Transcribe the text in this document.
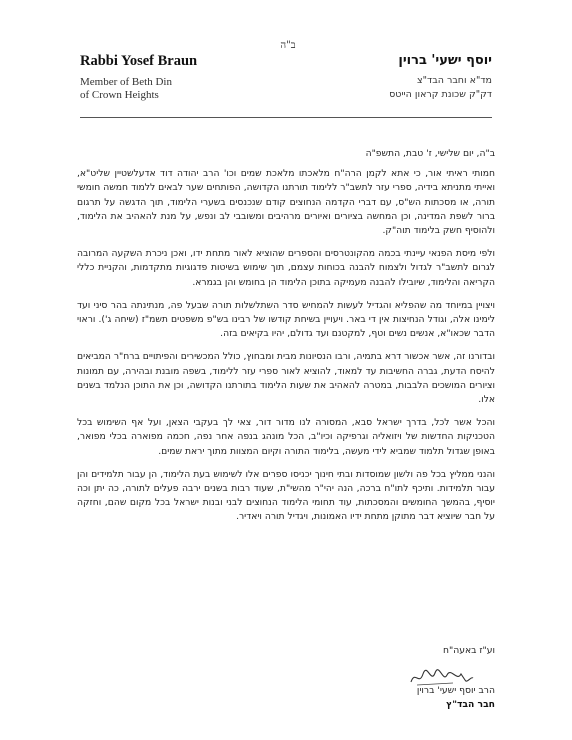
ב"ה
Rabbi Yosef Braun
Member of Beth Din
of Crown Heights
יוסף ישעי' ברוין
מד"א וחבר הבד"צ
דק"ק שכונת קראון הייטס
ב"ה, יום שלישי, ז' טבת, התשפ"ה

חמותי ראיתי אור, כי אתא לקמן הרה"ח מלאכתו מלאכת שמים וכו' הרב יהודה דוד אדעלשטיין שליט"א, ואייתי מתניתא בידיה, ספרי עזר לתשב"ר ללימוד תורתנו הקדושה, הפותחים שער לבאים ללמוד חמשה חומשי תורה, או מסכתות הש"ס, עם דברי הקדמה הנחוצים קודם שנכנסים בשערי הלימוד, תוך הדגשה על תרגום ברור לשפת המדינה, וכן המחשה בציורים ואיורים מרהיבים ומשובבי לב ונפש, על מנת להאהיב את הלימוד, ולהוסיף חשק בלימוד תוה"ק.

ולפי מיסת הפנאי עיינתי בכמה מהקונטרסים והספרים שהוציא לאור מתחת ידו, ואכן ניכרת השקעה המרובה לגרום לתשב"ר לגדול ולצמוח להבנה בכוחות עצמם, תוך שימוש בשיטות פדגוגיות מתקדמות, והקניית כללי הקריאה והלימוד, שיובילו להבנה מעמיקה בתוכן הלימוד הן בחומש והן בגמרא.

ויצויין במיוחד מה שהפליא והגדיל לעשות להמחיש סדר השתלשלות תורה שבעל פה, מנתינתה בהר סיני ועד לימינו אלה, וגודל הנחיצות אין די באר. ויעויין בשיחת קודשו של רבינו בש"פ משפטים תשמ"ז (שיחה ג'). וראוי הדבר שכאו"א, אנשים נשים וטף, למקטנם ועד גדולם, יהיו בקיאים בזה.

ובדורנו זה, אשר אכשור דרא בתמיה, ורבו הנסיונות מבית ומבחוץ, כולל המכשירים והפיתויים ברח"ר המביאים להיסח הדעת, גברה החשיבות עד למאוד, להוציא לאור ספרי עזר ללימוד, בשפה מובנת ובהירה, עם תמונות וציורים המושכים הלבבות, במטרה להאהיב את שעות הלימוד בתורתנו הקדושה, וכן את התוכן הנלמד בשנים אלו.

והכל אשר לכל, בדרך ישראל סבא, המסורה לנו מדור דור, צאי לך בעקבי הצאן, ועל אף השימוש בכל הטכניקות החדשות של ויזואליה וגרפיקה וכיו"ב, הכל מונהג בנפה אחר נפה, חכמה מפוארה בכלי מפואר, באופן שגדול תלמוד שמביא לידי מעשה, בלימוד התורה וקיום המצוות מתוך יראת שמים.

והנני ממליץ בכל פה ולשון שמוסדות ובתי חינוך יכניסו ספרים אלו לשימוש בעת הלימוד, הן עבור תלמידים והן עבור תלמידות. ותיכף לתו"ח ברכה, הנה יהי"ר מהשי"ת, שעוד רבות בשנים ירבה פעלים לתורה, כה יתן וכה יוסיף, בהמשך החומשים והמסכתות, עוד תחומי הלימוד הנחוצים לבני ובנות ישראל בכל מקום שהם, וחזקה על חבר שיוציא דבר מתוקן מתחת ידיו האמונות, ויגדיל תורה ויאדיר.

וע"ז באעה"ח
הרב יוסף ישעי' ברוין
חבר הבד"ץ
